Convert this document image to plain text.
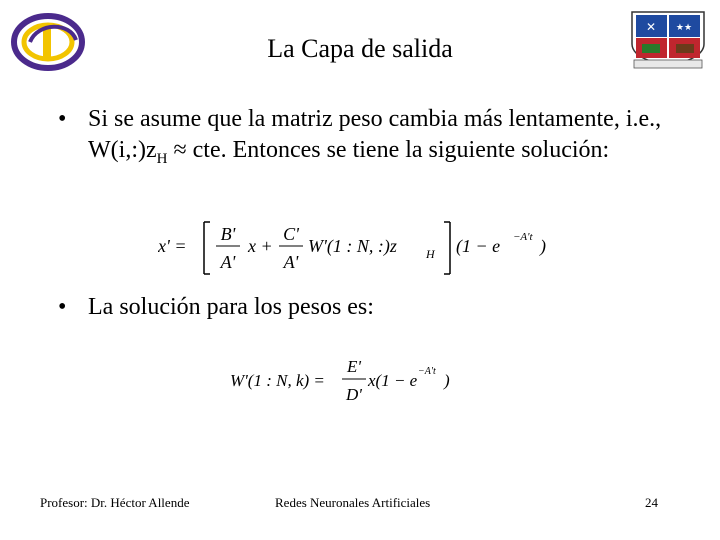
✕ ★★
La Capa de salida
• Si se asume que la matriz peso cambia más lentamente, i.e., $W(i,:)z_H$ ≈ cte. Entonces se tiene la siguiente solución:
x' =
B'
A'
x +
C'
A'
W'(1 : N, :)z H (1 − e −A't )
• La solución para los pesos es:
W'(1 : N, k) =
E'
D'
x(1 − e −A't )
Profesor: Dr. Héctor Allende	Redes Neuronales Artificiales	24
